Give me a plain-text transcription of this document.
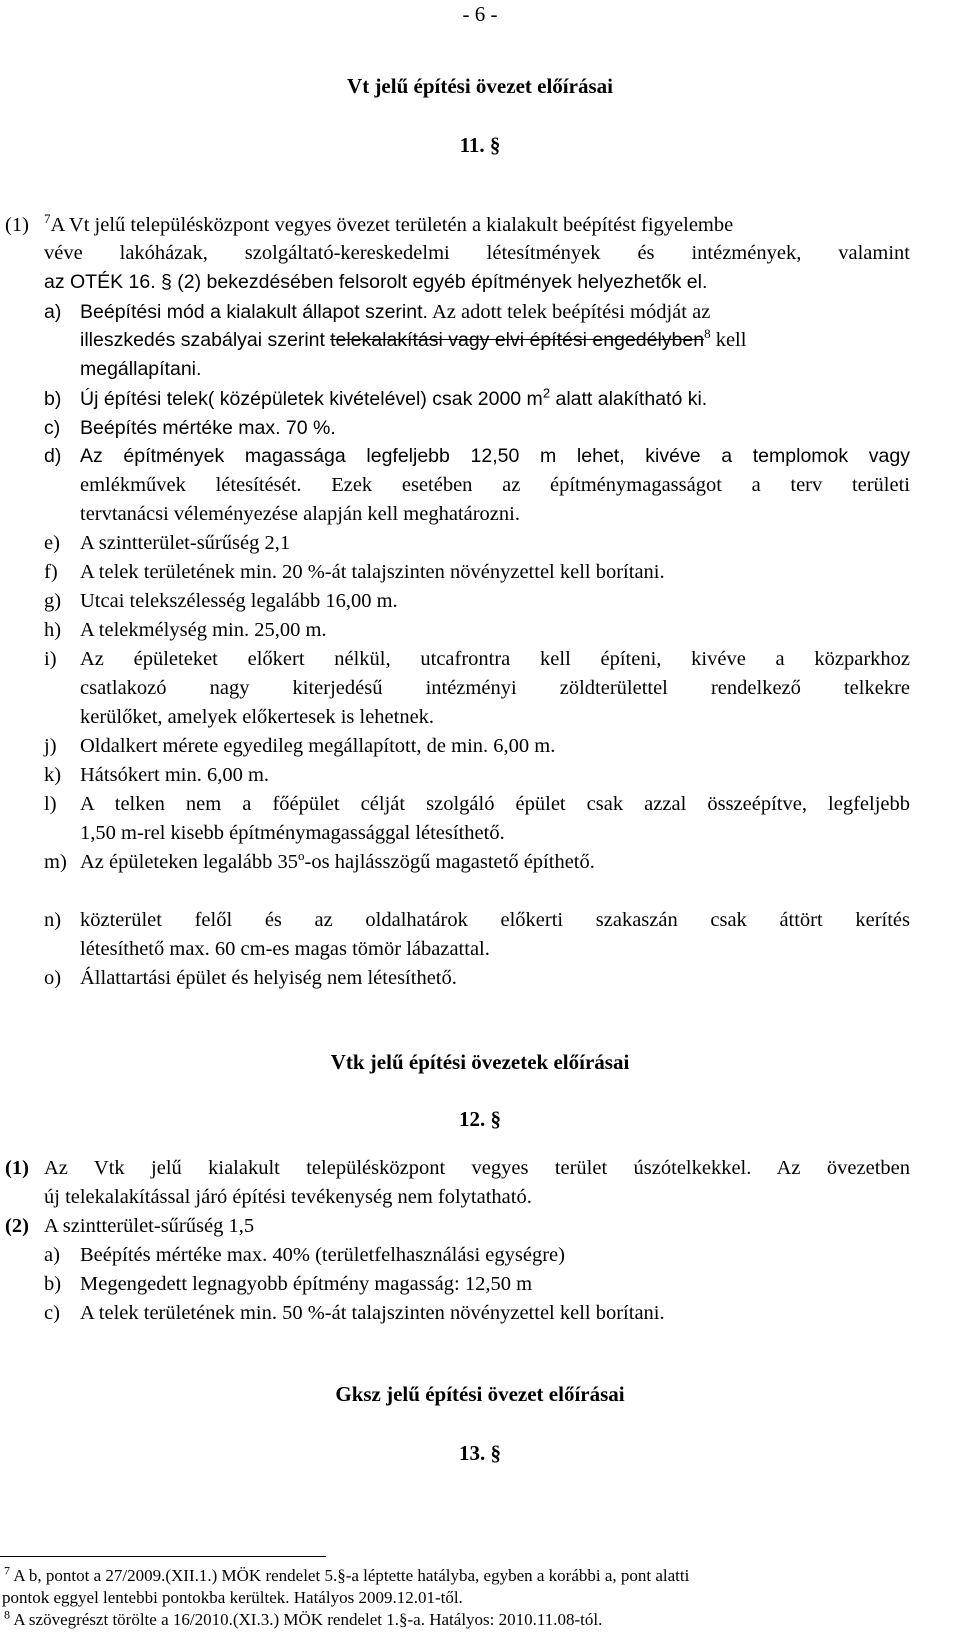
- 6 -
Vt jelű építési övezet előírásai
11. §
(1) $^7$A Vt jelű településközpont vegyes övezet területén a kialakult beépítést figyelembe
véve lakóházak, szolgáltató-kereskedelmi létesítmények és intézmények, valamint
az OTÉK 16. § (2) bekezdésében felsorolt egyéb építmények helyezhetők el.
a) Beépítési mód a kialakult állapot szerint. Az adott telek beépítési módját az
illeszkedés szabályai szerint telekalakítási vagy elvi építési engedélyben$^8$ kell
megállapítani.
b) Új építési telek( középületek kivételével) csak 2000 $m^2$ alatt alakítható ki.
c) Beépítés mértéke max. 70 %.
d) Az építmények magassága legfeljebb 12,50 m lehet, kivéve a templomok vagy
emlékművek létesítését. Ezek esetében az építménymagasságot a terv területi
tervtanácsi véleményezése alapján kell meghatározni.
e) A szintterület-sűrűség 2,1
f) A telek területének min. 20 %-át talajszinten növényzettel kell borítani.
g) Utcai telekszélesség legalább 16,00 m.
h) A telekmélység min. 25,00 m.
i) Az épületeket előkert nélkül, utcafrontra kell építeni, kivéve a közparkhoz
csatlakozó nagy kiterjedésű intézményi zöldterülettel rendelkező telkekre
kerülőket, amelyek előkertesek is lehetnek.
j) Oldalkert mérete egyedileg megállapított, de min. 6,00 m.
k) Hátsókert min. 6,00 m.
l) A telken nem a főépület célját szolgáló épület csak azzal összeépítve, legfeljebb
1,50 m-rel kisebb építménymagassággal létesíthető.
m) Az épületeken legalább 35$^o$-os hajlásszögű magastető építhető.
n) közterület felől és az oldalhatárok előkerti szakaszán csak áttört kerítés
létesíthető max. 60 cm-es magas tömör lábazattal.
o) Állattartási épület és helyiség nem létesíthető.
Vtk jelű építési övezetek előírásai
12. §
(1) Az Vtk jelű kialakult településközpont vegyes terület úszótelkekkel. Az övezetben
új telekalakítással járó építési tevékenység nem folytatható.
(2) A szintterület-sűrűség 1,5
a) Beépítés mértéke max. 40% (területfelhasználási egységre)
b) Megengedett legnagyobb építmény magasság: 12,50 m
c) A telek területének min. 50 %-át talajszinten növényzettel kell borítani.
Gksz jelű építési övezet előírásai
13. §
$^7$ A b, pontot a 27/2009.(XII.1.) MÖK rendelet 5.§-a léptette hatályba, egyben a korábbi a, pont alatti
pontok eggyel lentebbi pontokba kerültek. Hatályos 2009.12.01-től.
$^8$ A szövegrészt törölte a 16/2010.(XI.3.) MÖK rendelet 1.§-a. Hatályos: 2010.11.08-tól.
